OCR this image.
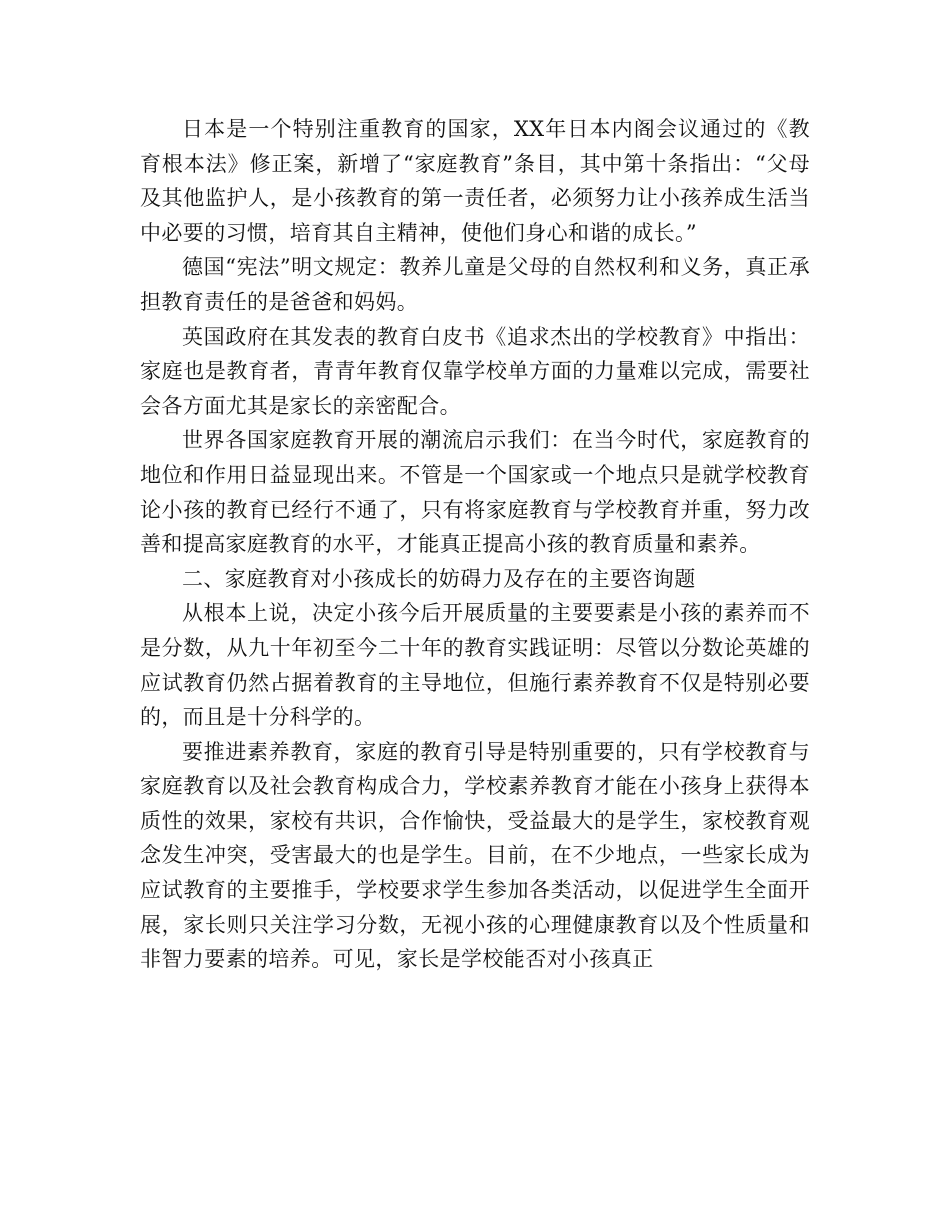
日本是一个特别注重教育的国家，XX年日本内阁会议通过的《教育根本法》修正案，新增了“家庭教育”条目，其中第十条指出：“父母及其他监护人，是小孩教育的第一责任者，必须努力让小孩养成生活当中必要的习惯，培育其自主精神，使他们身心和谐的成长。”

德国“宪法”明文规定：教养儿童是父母的自然权利和义务，真正承担教育责任的是爸爸和妈妈。

英国政府在其发表的教育白皮书《追求杰出的学校教育》中指出：家庭也是教育者，青青年教育仅靠学校单方面的力量难以完成，需要社会各方面尤其是家长的亲密配合。

世界各国家庭教育开展的潮流启示我们：在当今时代，家庭教育的地位和作用日益显现出来。不管是一个国家或一个地点只是就学校教育论小孩的教育已经行不通了，只有将家庭教育与学校教育并重，努力改善和提高家庭教育的水平，才能真正提高小孩的教育质量和素养。

二、家庭教育对小孩成长的妨碍力及存在的主要咨询题

从根本上说，决定小孩今后开展质量的主要要素是小孩的素养而不是分数，从九十年初至今二十年的教育实践证明：尽管以分数论英雄的应试教育仍然占据着教育的主导地位，但施行素养教育不仅是特别必要的，而且是十分科学的。

要推进素养教育，家庭的教育引导是特别重要的，只有学校教育与家庭教育以及社会教育构成合力，学校素养教育才能在小孩身上获得本质性的效果，家校有共识，合作愉快，受益最大的是学生，家校教育观念发生冲突，受害最大的也是学生。目前，在不少地点，一些家长成为应试教育的主要推手，学校要求学生参加各类活动，以促进学生全面开展，家长则只关注学习分数，无视小孩的心理健康教育以及个性质量和非智力要素的培养。可见，家长是学校能否对小孩真正
